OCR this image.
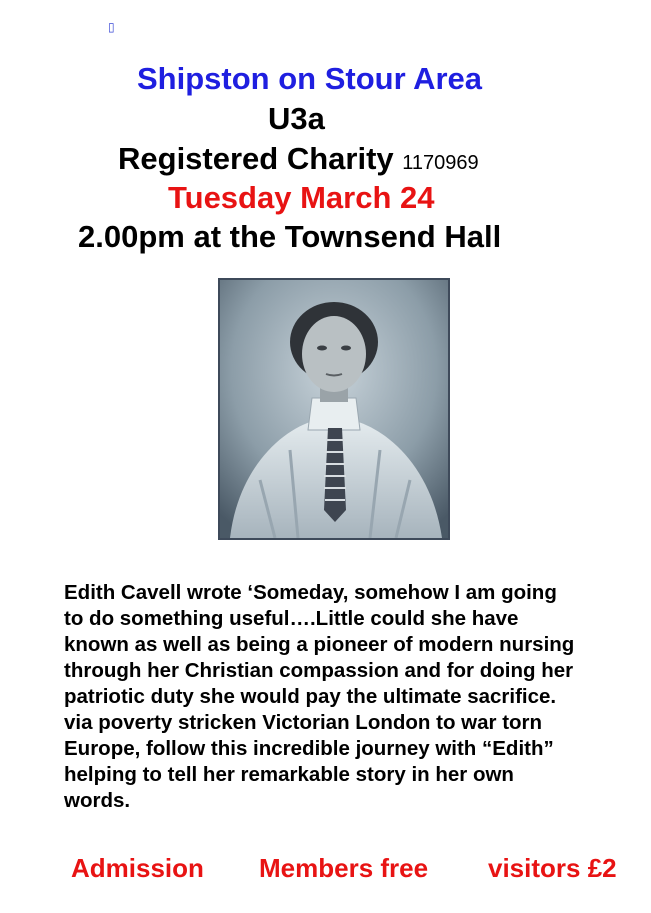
▯
Shipston on Stour Area
U3a
Registered Charity 1170969
Tuesday March 24
2.00pm at the Townsend Hall
Edith Cavell wrote ‘Someday, somehow I am going
to do something useful….Little could she have
known as well as being a pioneer of modern nursing
through her Christian compassion and for doing her
patriotic duty she would pay the ultimate sacrifice.
via poverty stricken Victorian London to war torn
Europe, follow this incredible journey with “Edith”
helping to tell her remarkable story in her own
words.
Admission Members free visitors £2
